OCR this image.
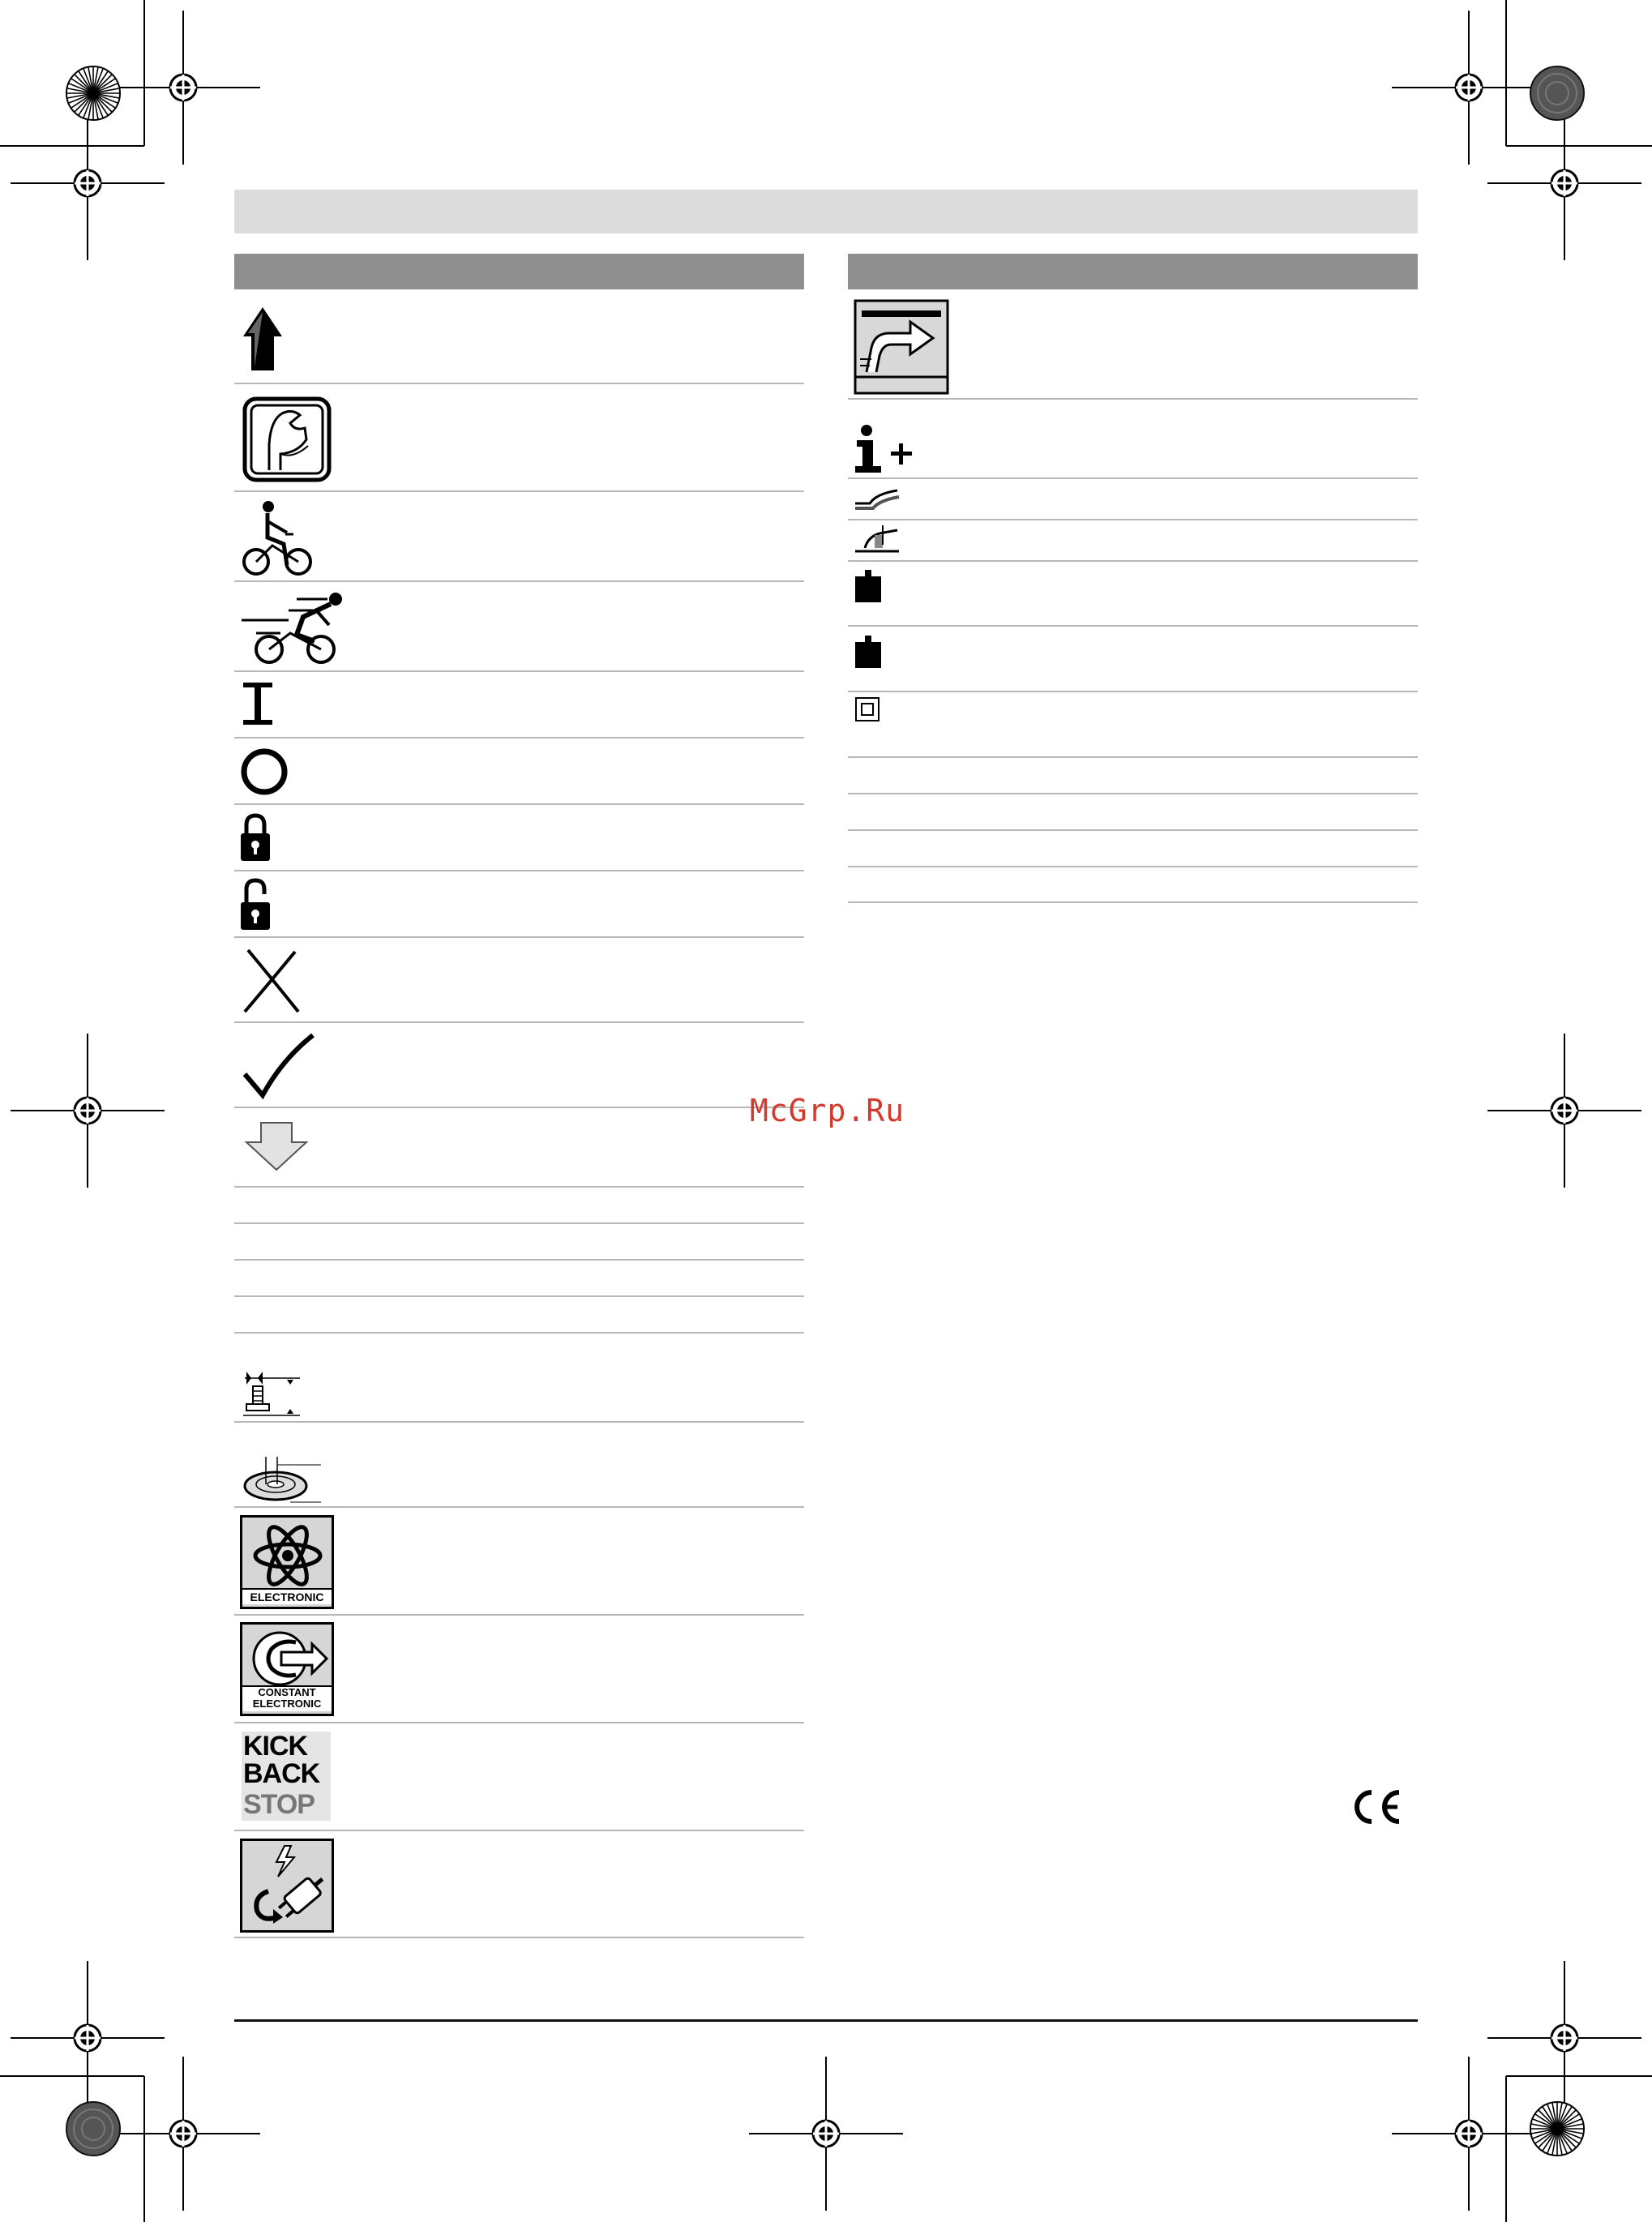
ELECTRONIC
CONSTANT
ELECTRONIC
KICK
BACK
STOP
McGrp.Ru
